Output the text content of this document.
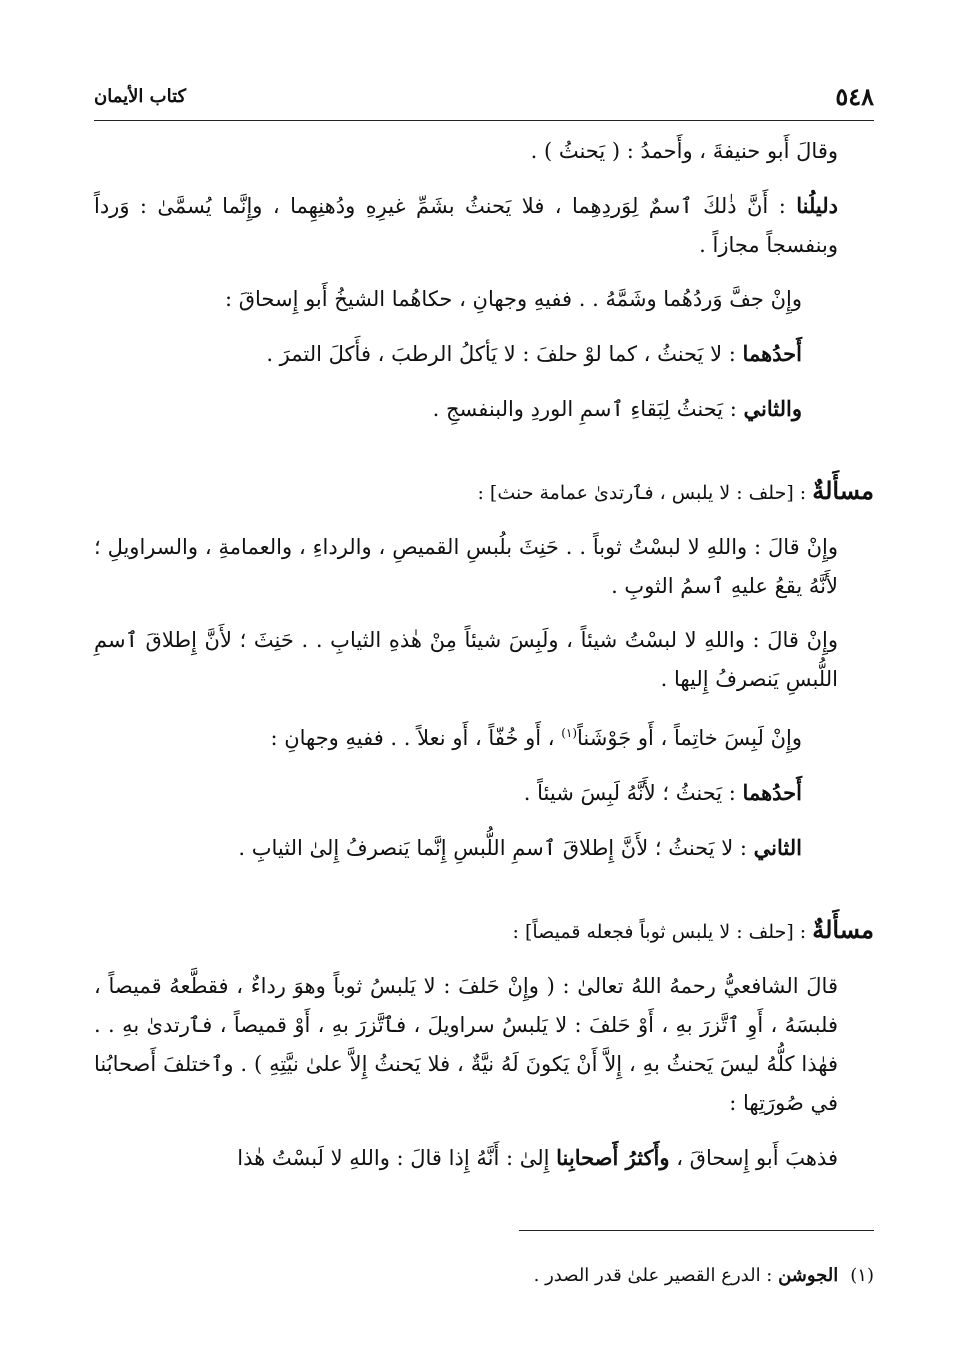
٥٤٨
كتاب الأيمان

وقالَ أَبو حنيفةَ ، وأَحمدُ : ( يَحنثُ ) .

دليلُنا : أَنَّ ذٰلكَ ٱسمٌ لِوَردِهِما ، فلا يَحنثُ بشَمِّ غيرِهِ ودُهنِهِما ، وإِنَّما يُسمَّىٰ : وَرداً وبنفسجاً مجازاً .

وإِنْ جفَّ وَردُهُما وشَمَّهُ . . ففيهِ وجهانِ ، حكاهُما الشيخُ أَبو إِسحاقَ :

أَحدُهما : لا يَحنثُ ، كما لوْ حلفَ : لا يَأكلُ الرطبَ ، فأَكلَ التمرَ .

والثاني : يَحنثُ لِبَقاءِ ٱسمِ الوردِ والبنفسجِ .

مسأَلةٌ : [حلف : لا يلبس ، فٱرتدىٰ عمامة حنث] :

وإِنْ قالَ : واللهِ لا لبسْتُ ثوباً . . حَنِثَ بلُبسِ القميصِ ، والرداءِ ، والعمامةِ ، والسراويلِ ؛ لأَنَّهُ يقعُ عليهِ ٱسمُ الثوبِ .

وإِنْ قالَ : واللهِ لا لبسْتُ شيئاً ، ولَبِسَ شيئاً مِنْ هٰذهِ الثيابِ . . حَنِثَ ؛ لأَنَّ إِطلاقَ ٱسمِ اللُّبسِ يَنصرفُ إِليها .

وإِنْ لَبِسَ خاتِماً ، أَو جَوْشَناً$^{(١)}$ ، أَو خُفّاً ، أَو نعلاً . . ففيهِ وجهانِ :

أَحدُهما : يَحنثُ ؛ لأَنَّهُ لَبِسَ شيئاً .

الثاني : لا يَحنثُ ؛ لأَنَّ إِطلاقَ ٱسمِ اللُّبسِ إِنَّما يَنصرفُ إِلىٰ الثيابِ .

مسأَلةٌ : [حلف : لا يلبس ثوباً فجعله قميصاً] :

قالَ الشافعيُّ رحمهُ اللهُ تعالىٰ : ( وإِنْ حَلفَ : لا يَلبسُ ثوباً وهوَ رداءٌ ، فقطَّعهُ قميصاً ، فلبسَهُ ، أَوِ ٱتَّزرَ بهِ ، أَوْ حَلفَ : لا يَلبسُ سراويلَ ، فٱتَّزرَ بهِ ، أَوْ قميصاً ، فٱرتدىٰ بهِ . . فهٰذا كلُّهُ ليسَ يَحنثُ بهِ ، إِلاَّ أَنْ يَكونَ لَهُ نيَّةٌ ، فلا يَحنثُ إِلاَّ علىٰ نيَّتِهِ ) . وٱختلفَ أَصحابُنا في صُورَتِها :

فذهبَ أَبو إِسحاقَ ، وأَكثرُ أَصحابِنا إِلىٰ : أَنَّهُ إِذا قالَ : واللهِ لا لَبسْتُ هٰذا

(١)الجوشن : الدرع القصير علىٰ قدر الصدر .
